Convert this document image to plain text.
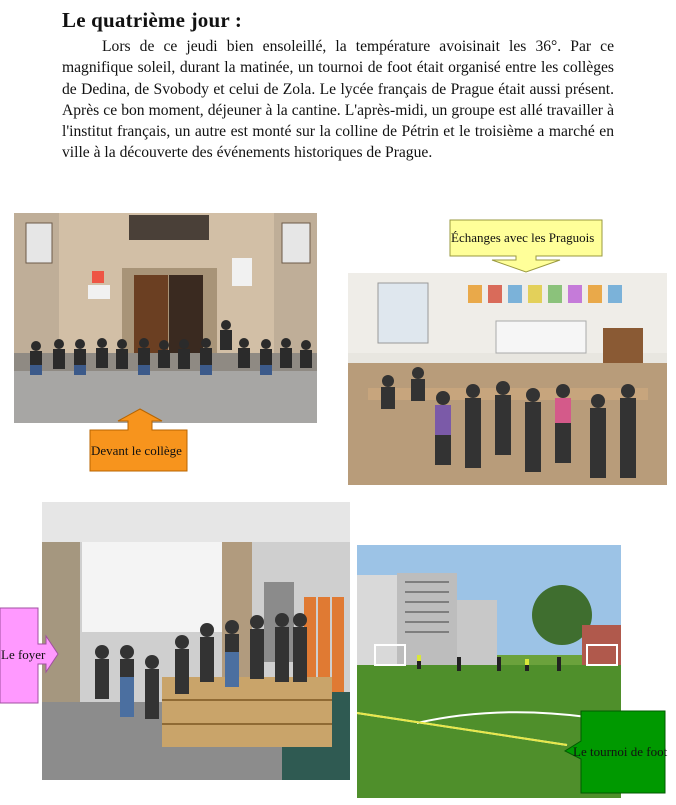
Le quatrième jour :

Lors de ce jeudi bien ensoleillé, la température avoisinait les 36°. Par ce magnifique soleil, durant la matinée, un tournoi de foot était organisé entre les collèges de Dedina, de Svobody et celui de Zola. Le lycée français de Prague était aussi présent. Après ce bon moment, déjeuner à la cantine. L'après-midi, un groupe est allé travailler à l'institut français, un autre est monté sur la colline de Pétrin et le troisième a marché en ville à la découverte des événements historiques de Prague.

Devant le collège
Échanges avec les Praguois
Le foyer
Le tournoi de foot
